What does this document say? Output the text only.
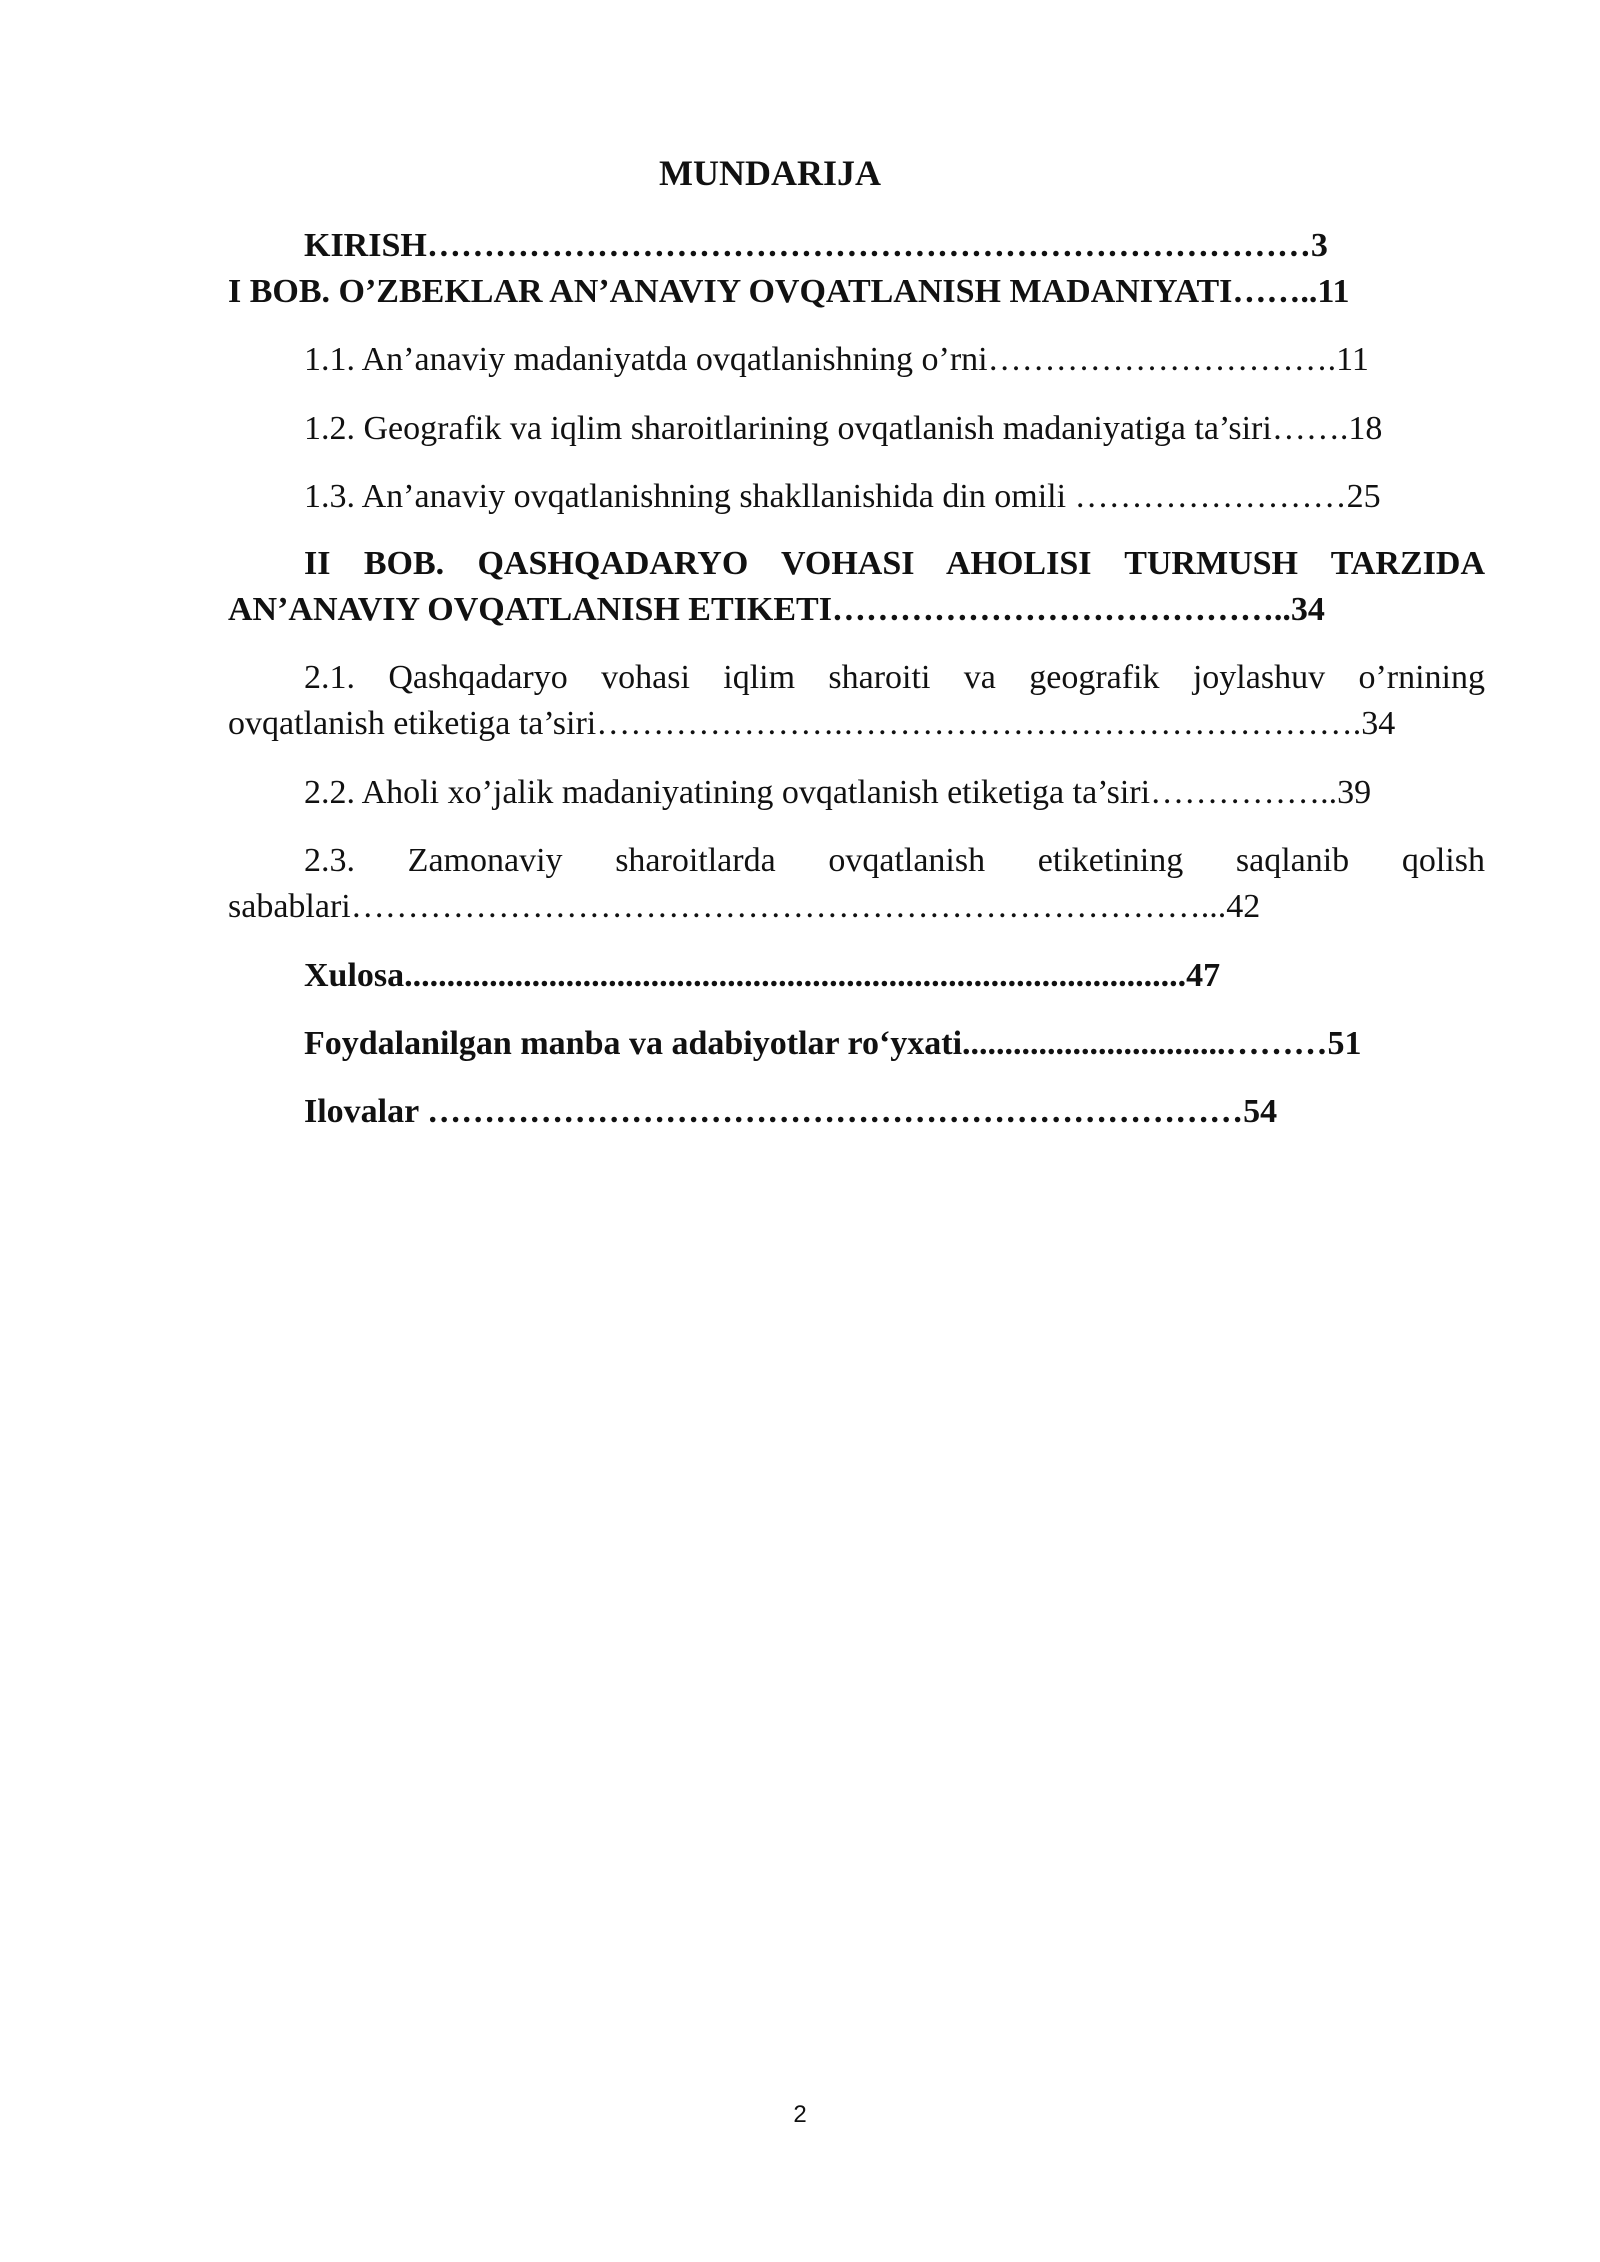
MUNDARIJA
KIRISH……………………………………………………………………3
I BOB. O’ZBEKLAR AN’ANAVIY OVQATLANISH MADANIYATI……..11
1.1. An’anaviy madaniyatda ovqatlanishning o’rni………………………….11
1.2. Geografik va iqlim sharoitlarining ovqatlanish madaniyatiga ta’siri…….18
1.3. An’anaviy ovqatlanishning shakllanishida din omili ……………………25
II BOB. QASHQADARYO VOHASI AHOLISI TURMUSH TARZIDA
AN’ANAVIY OVQATLANISH ETIKETI…………………………………..34
2.1. Qashqadaryo vohasi iqlim sharoiti va geografik joylashuv o’rnining
ovqatlanish etiketiga ta’siri………………….……………………………………….34
2.2. Aholi xo’jalik madaniyatining ovqatlanish etiketiga ta’siri……………..39
2.3. Zamonaviy sharoitlarda ovqatlanish etiketining saqlanib qolish
sabablari…………………………………………………………………...42
Xulosa............................................................................................47
Foydalanilgan manba va adabiyotlar ro‘yxati...............................………51
Ilovalar ………………………………………………………………54
2
